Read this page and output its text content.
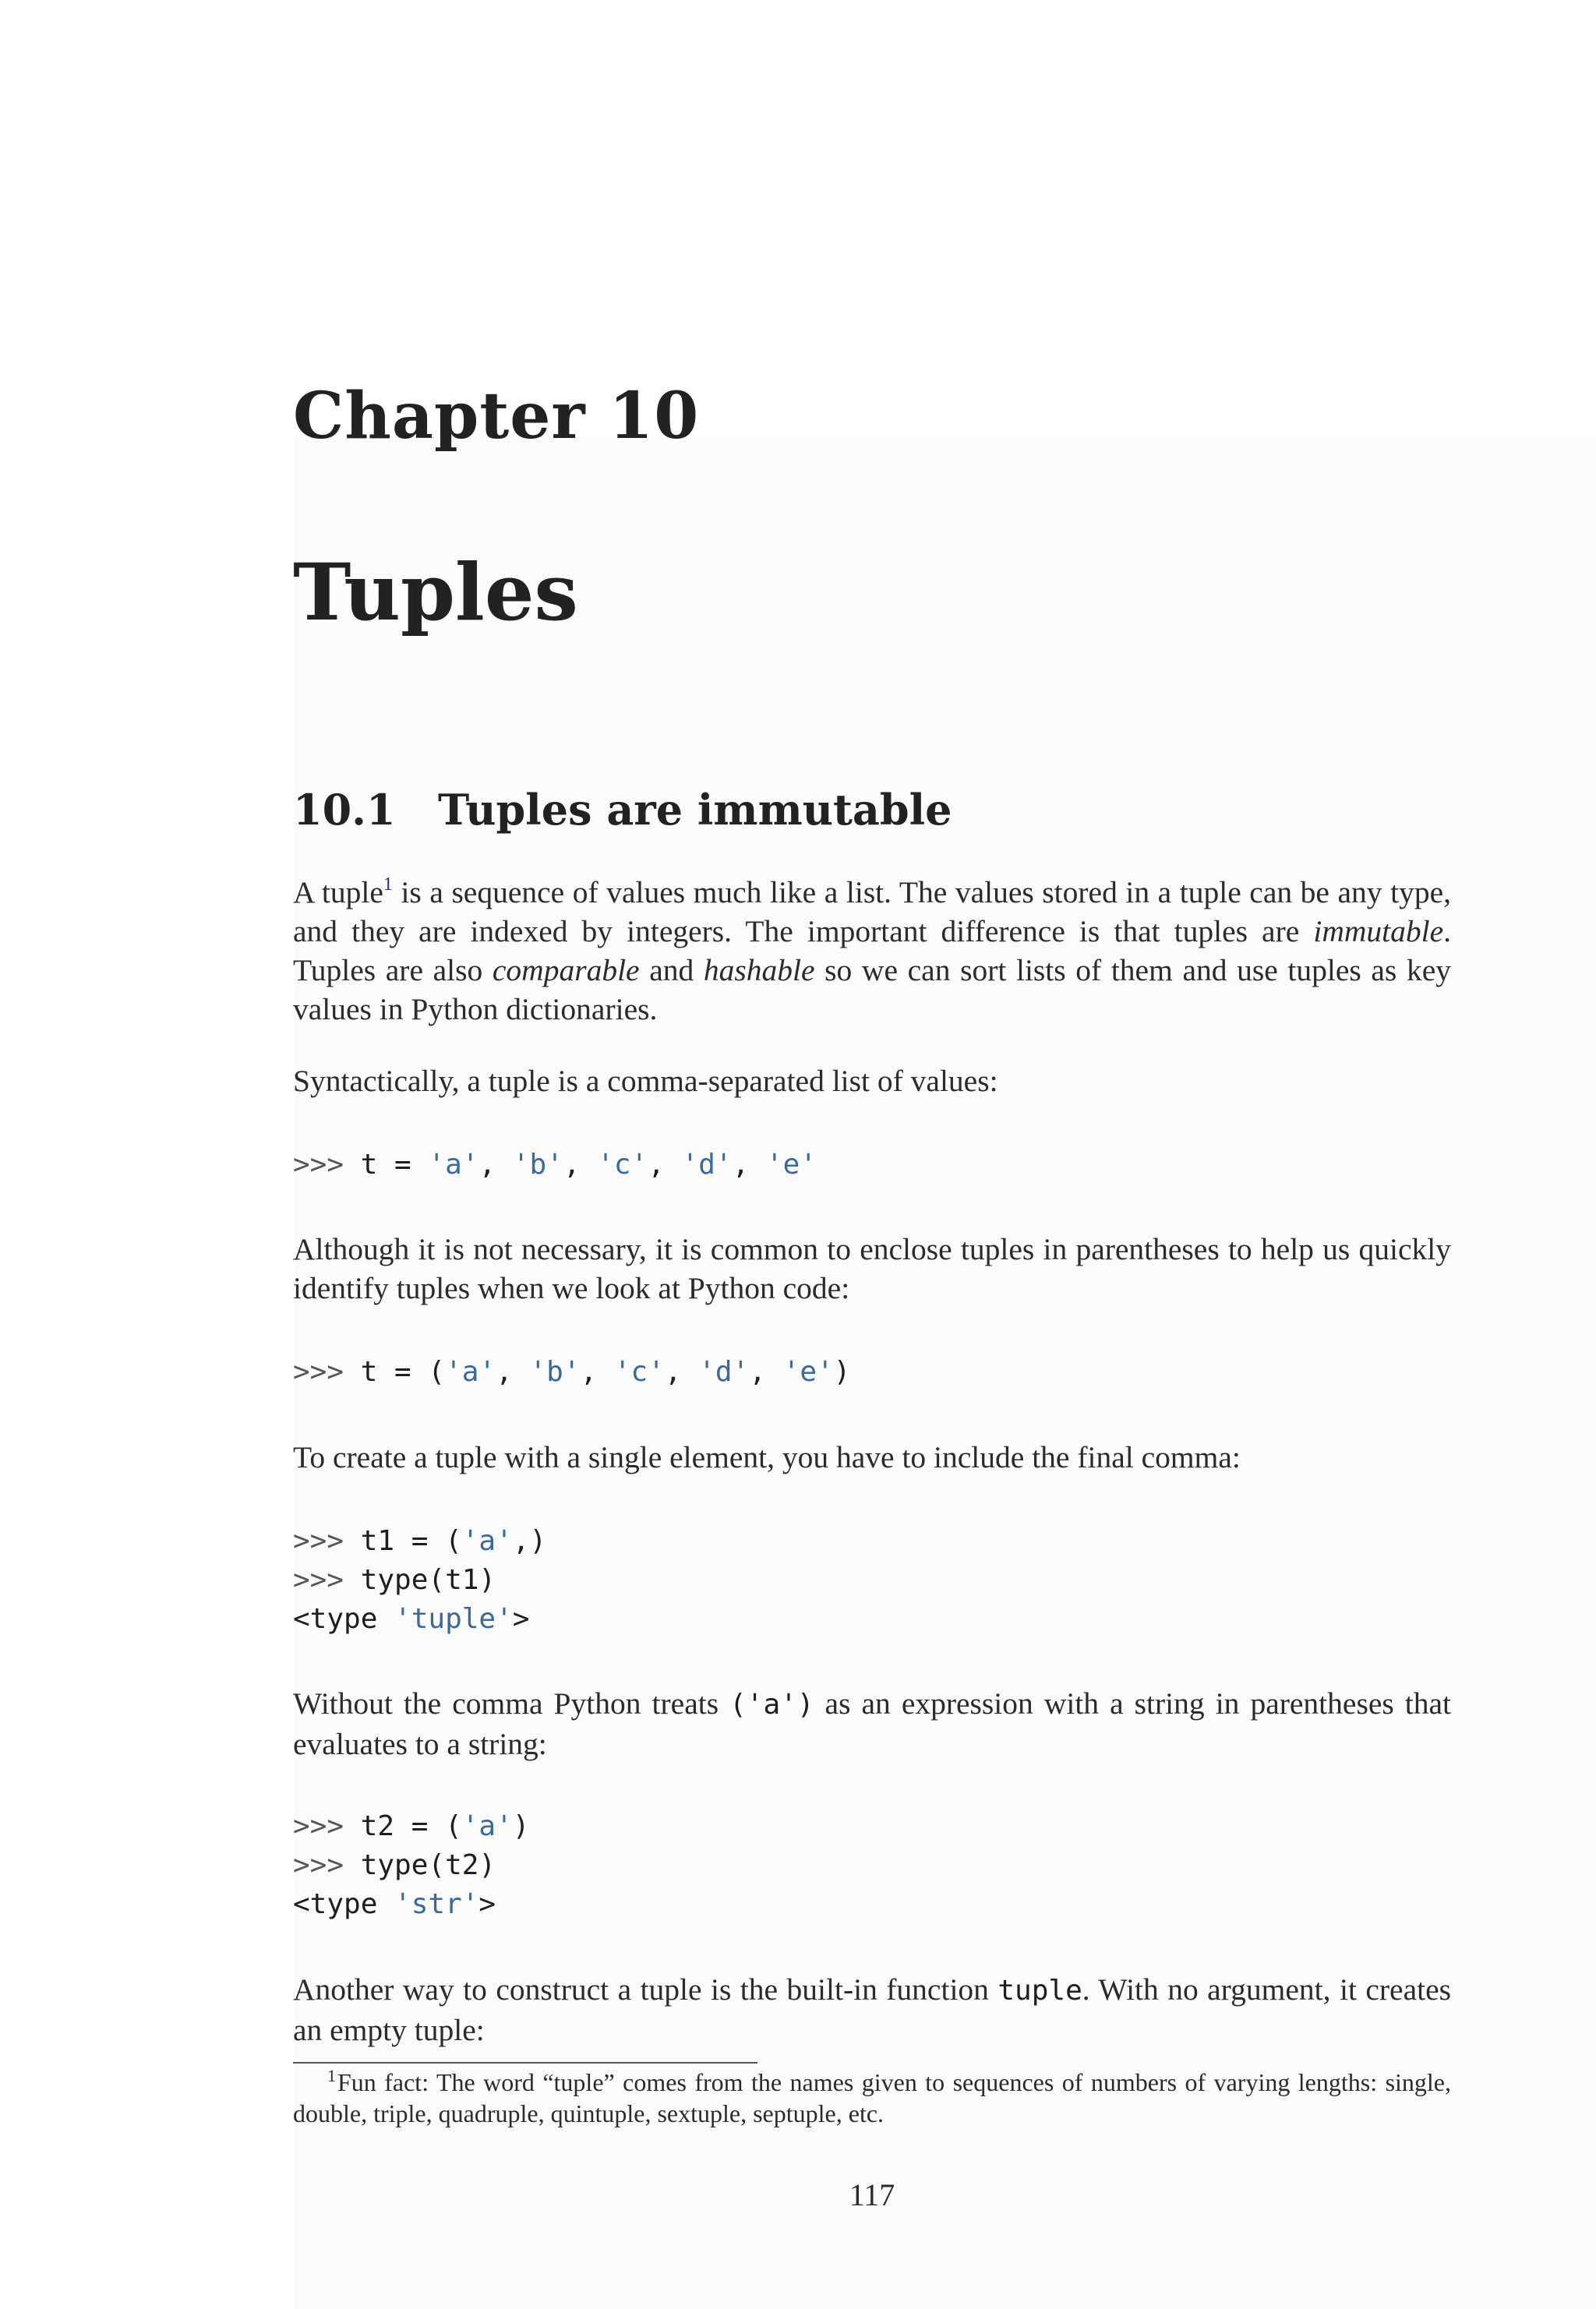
Chapter 10
Tuples
10.1 Tuples are immutable

A tuple$^1$ is a sequence of values much like a list. The values stored in a tuple can be any type, and they are indexed by integers. The important difference is that tuples are immutable. Tuples are also comparable and hashable so we can sort lists of them and use tuples as key values in Python dictionaries.

Syntactically, a tuple is a comma-separated list of values:

>>> t = 'a', 'b', 'c', 'd', 'e'

Although it is not necessary, it is common to enclose tuples in parentheses to help us quickly identify tuples when we look at Python code:

>>> t = ('a', 'b', 'c', 'd', 'e')

To create a tuple with a single element, you have to include the final comma:

>>> t1 = ('a',)
>>> type(t1)
<type 'tuple'>

Without the comma Python treats ('a') as an expression with a string in parentheses that evaluates to a string:

>>> t2 = ('a')
>>> type(t2)
<type 'str'>

Another way to construct a tuple is the built-in function tuple. With no argument, it creates an empty tuple:

$^1$Fun fact: The word “tuple” comes from the names given to sequences of numbers of varying lengths: single, double, triple, quadruple, quintuple, sextuple, septuple, etc.

117
